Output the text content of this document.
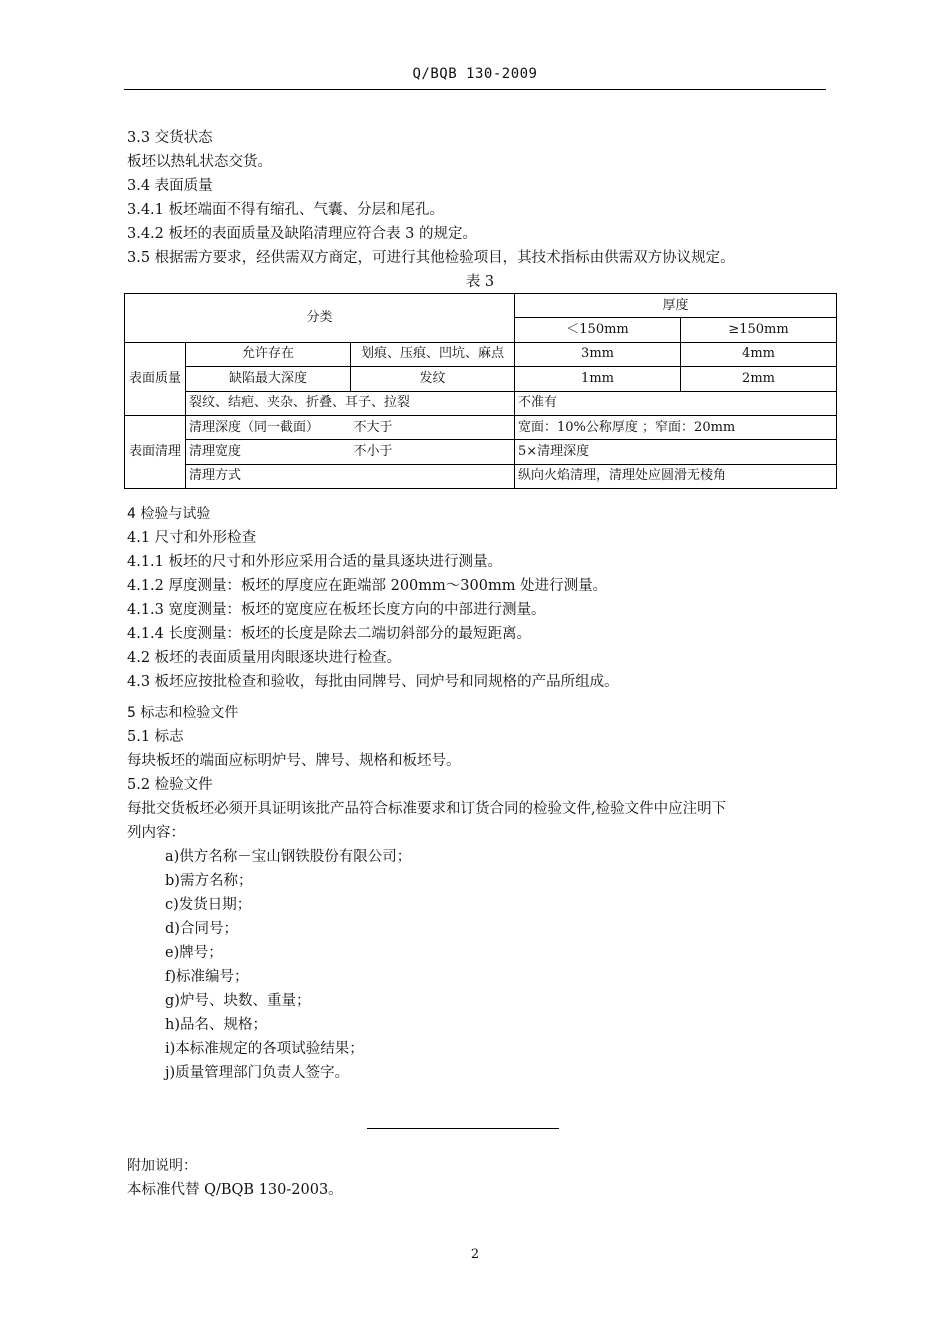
Q/BQB 130-2009
3.3 交货状态
板坯以热轧状态交货。
3.4 表面质量
3.4.1 板坯端面不得有缩孔、气囊、分层和尾孔。
3.4.2 板坯的表面质量及缺陷清理应符合表 3 的规定。
3.5 根据需方要求，经供需双方商定，可进行其他检验项目，其技术指标由供需双方协议规定。
表 3
分类			厚度	
			＜150mm	≥150mm
表面质量	允许存在	划痕、压痕、凹坑、麻点	3mm	4mm
	缺陷最大深度	发纹	1mm	2mm
	裂纹、结疤、夹杂、折叠、耳子、拉裂		不准有	
表面清理	清理深度（同一截面）	不大于	宽面：10%公称厚度 ；窄面：20mm	
	清理宽度	不小于	5×清理深度	
	清理方式		纵向火焰清理，清理处应圆滑无棱角	
4 检验与试验
4.1 尺寸和外形检查
4.1.1 板坯的尺寸和外形应采用合适的量具逐块进行测量。
4.1.2 厚度测量：板坯的厚度应在距端部 200mm～300mm 处进行测量。
4.1.3 宽度测量：板坯的宽度应在板坯长度方向的中部进行测量。
4.1.4 长度测量：板坯的长度是除去二端切斜部分的最短距离。
4.2 板坯的表面质量用肉眼逐块进行检查。
4.3 板坯应按批检查和验收，每批由同牌号、同炉号和同规格的产品所组成。
5 标志和检验文件
5.1 标志
每块板坯的端面应标明炉号、牌号、规格和板坯号。
5.2 检验文件
每批交货板坯必须开具证明该批产品符合标准要求和订货合同的检验文件,检验文件中应注明下
列内容：
a)供方名称－宝山钢铁股份有限公司；
b)需方名称；
c)发货日期；
d)合同号；
e)牌号；
f)标准编号；
g)炉号、块数、重量；
h)品名、规格；
i)本标准规定的各项试验结果；
j)质量管理部门负责人签字。
附加说明：
本标准代替 Q/BQB 130-2003。
2
